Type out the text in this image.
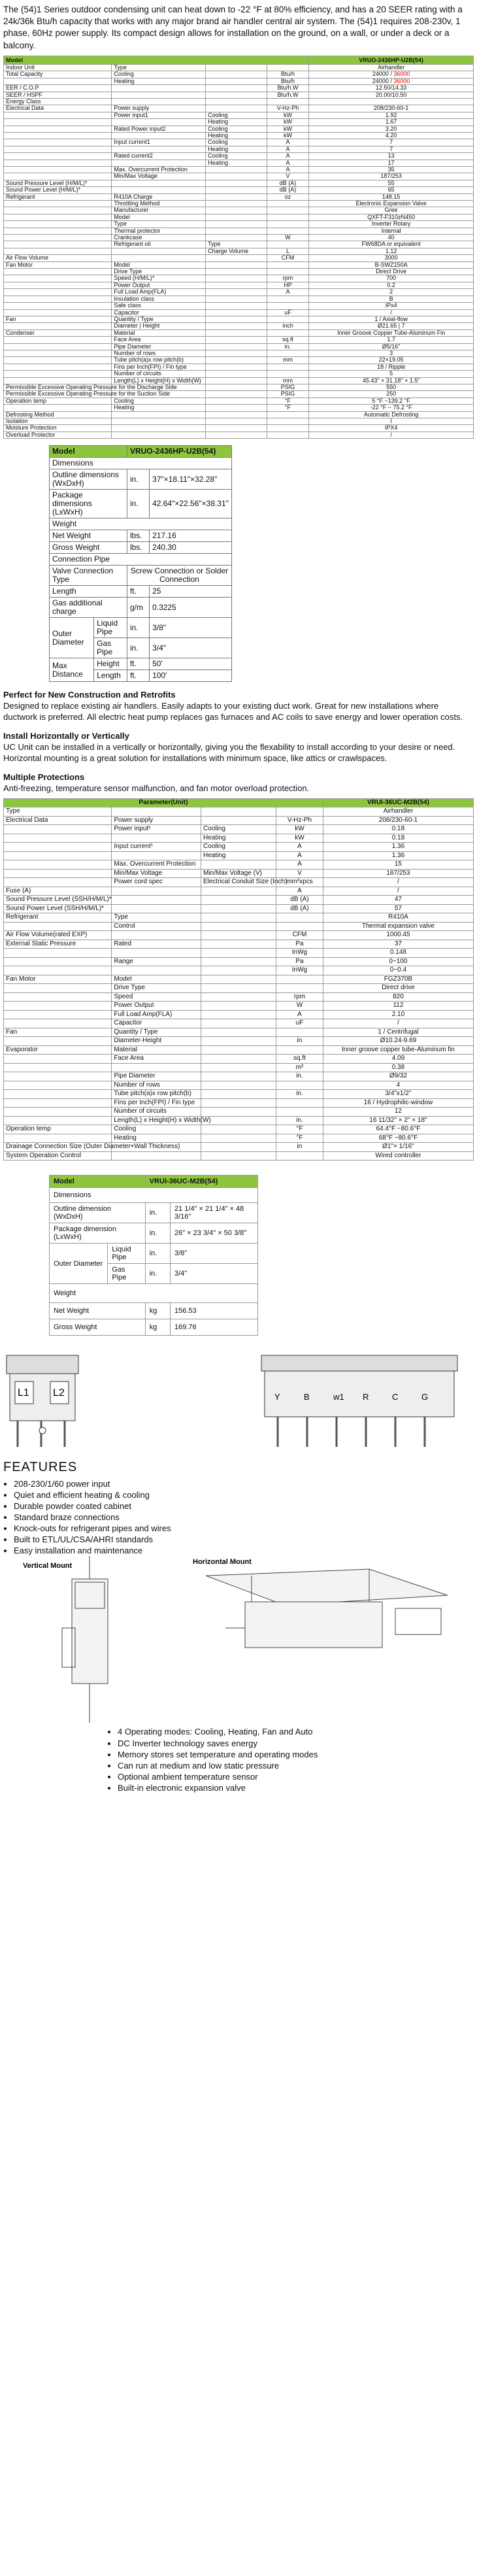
The (54)1 Series outdoor condensing unit can heat down to -22 °F at 80% efficiency, and has a 20 SEER rating with a 24k/36k Btu/h capacity that works with any major brand air handler central air system. The (54)1 requires 208-230v, 1 phase, 60Hz power supply. Its compact design allows for installation on the ground, on a wall, or under a deck or a balcony.
Model				VRUO-2436HP-U2B(54)
Indoor Unit	Type			Airhandler
Total Capacity	Cooling		Btu/h	24000 / 36000
	Heating		Btu/h	24000 / 36000
EER / C.O.P			Btu/h.W	12.50/14.33
SEER / HSPF			Btu/h.W	20.00/10.50
Energy Class				
Electrical Data	Power supply		V-Hz-Ph	208/230-60-1
	Power input1	Cooling	kW	1.92
		Heating	kW	1.67
	Rated Power input2	Cooling	kW	3.20
		Heating	kW	4.20
	Input current1	Cooling	A	7
		Heating	A	7
	Rated current2	Cooling	A	13
		Heating	A	17
	Max. Overcurrent Protection		A	35
	Min/Max Voltage		V	187/253
Sound Pressure Level (H/M/L)*			dB (A)	55
Sound Power Level (H/M/L)*			dB (A)	65
Refrigerant	R410A Charge		oz	148.15
	Throttling Method			Electronic Expansion Valve
	Manufacturer			Gree
	Model			QXFT-F310zN450
	Type			Inverter Rotary
	Thermal protector			Internal
	Crankcase		W	40
	Refrigerant oil	Type		FW68DA or equivalent
		Charge Volume	L	1.12
Air Flow Volume			CFM	3000
Fan Motor	Model			B-SWZ150A
	Drive Type			Direct Drive
	Speed (H/M/L)*		rpm	700
	Power Output		HP	0.2
	Full Load Amp(FLA)		A	2
	Insulation class			B
	Safe class			IPx4
	Capacitor		uF	/
Fan	Quantity / Type			1 / Axial-flow
	Diameter | Height		inch	Ø21.65 | 7
Condenser	Material			Inner Groove Copper Tube-Aluminum Fin
	Face Area		sq.ft	1.7
	Pipe Diameter		in.	Ø5/16"
	Number of rows			3
	Tube pitch(a)x row pitch(b)		mm	22×19.05
	Fins per Inch(FPI) / Fin type			18 / Ripple
	Number of circuits			5
	Length(L) x Height(H) x Width(W)		mm	45.43" × 31.18" × 1.5"
Permissible Excessive Operating Pressure for the Discharge Side			PSIG	550
Permissible Excessive Operating Pressure for the Suction Side			PSIG	250
Operation temp	Cooling		°F	5 °F ~139.2 °F
	Heating		°F	-22 °F ~ 75.2 °F
Defrosting Method				Automatic Defrosting
Isolation				I
Moisture Protection				IPX4
Overload Protector				/
Model		VRUO-2436HP-U2B(54)	
Dimensions			
Outline dimensions (WxDxH)		in.	37"×18.11"×32.28"
Package dimensions (LxWxH)		in.	42.64"×22.56"×38.31"
Weight			
Net Weight		lbs.	217.16
Gross Weight		lbs.	240.30
Connection Pipe			
Valve Connection Type		Screw Connection or Solder Connection	
Length		ft.	25
Gas additional charge		g/m	0.3225
Outer Diameter	Liquid Pipe	in.	3/8"
	Gas Pipe	in.	3/4"
Max Distance	Height	ft.	50'
	Length	ft.	100'
Perfect for New Construction and Retrofits

Designed to replace existing air handlers. Easily adapts to your existing duct work. Great for new installations where ductwork is preferred. All electric heat pump replaces gas furnaces and AC coils to save energy and lower operation costs.

Install Horizontally or Vertically

UC Unit can be installed in a vertically or horizontally, giving you the flexability to install according to your desire or need. Horizontal mounting is a great solution for installations with minimum space, like attics or crawlspaces.

Multiple Protections

Anti-freezing, temperature sensor malfunction, and fan motor overload protection.

Parameter(Unit)				VRUI-36UC-M2B(54)
Type				Airhandler
Electrical Data	Power supply		V-Hz-Ph	208/230-60-1
	Power input¹	Cooling	kW	0.18
		Heating	kW	0.18
	Input current¹	Cooling	A	1.36
		Heating	A	1.36
	Max. Overcurrent Protection		A	15
	Min/Max Voltage	Min/Max Voltage (V)	V	187/253
	Power cord spec	Electrical Conduit Size (Inch)	mm²xpcs	/
Fuse (A)			A	/
Sound Pressure Level (SSH/H/M/L)*			dB (A)	47
Sound Power Level (SSH/H/M/L)*			dB (A)	57
Refrigerant	Type			R410A
	Control			Thermal expansion valve
Air Flow Volume(rated EXP)			CFM	1000.45
External Static Pressure	Rated		Pa	37
			InWg	0.148
	Range		Pa	0~100
			InWg	0~0.4
Fan Motor	Model			FGZ370B
	Drive Type			Direct drive
	Speed		rpm	820
	Power Output		W	112
	Full Load Amp(FLA)		A	2.10
	Capacitor		uF	/
Fan	Quantity / Type			1 / Centrifugal
	Diameter-Height		in	Ø10.24-9.69
Evaporator	Material			Inner groove copper tube-Aluminum fin
	Face Area		sq.ft	4.09
			m²	0.38
	Pipe Diameter		in.	Ø9/32
	Number of rows			4
	Tube pitch(a)x row pitch(b)		in.	3/4"x1/2"
	Fins per Inch(FPI) / Fin type			16 / Hydrophilic-window
	Number of circuits			12
	Length(L) x Height(H) x Width(W)		in.	16 11/32" × 2" × 18"
Operation temp	Cooling		°F	64.4°F ~80.6°F
	Heating		°F	68°F ~80.6°F
Drainage Connection Size (Outer Diameter×Wall Thickness)			in	Ø1"× 1/16"
System Operation Control				Wired controller
Model		VRUI-36UC-M2B(54)	
Dimensions			
Outline dimension (WxDxH)		in.	21 1/4" × 21 1/4" × 48 3/16"
Package dimension (LxWxH)		in.	26" × 23 3/4" × 50 3/8"
Outer Diameter	Liquid Pipe	in.	3/8"
	Gas Pipe	in.	3/4"
Weight			
Net Weight		kg	156.53
Gross Weight		kg	169.76
L1 L2	Y	B	w1 R	C	G
FEATURES
• 208-230/1/60 power input
• Quiet and efficient heating & cooling
• Durable powder coated cabinet
• Standard braze connections
• Knock-outs for refrigerant pipes and wires
• Built to ETL/UL/CSA/AHRI standards
• Easy installation and maintenance
Vertical Mount	Horizontal Mount
• 4 Operating modes: Cooling, Heating, Fan and Auto
• DC Inverter technology saves energy
• Memory stores set temperature and operating modes
• Can run at medium and low static pressure
• Optional ambient temperature sensor
• Built-in electronic expansion valve
